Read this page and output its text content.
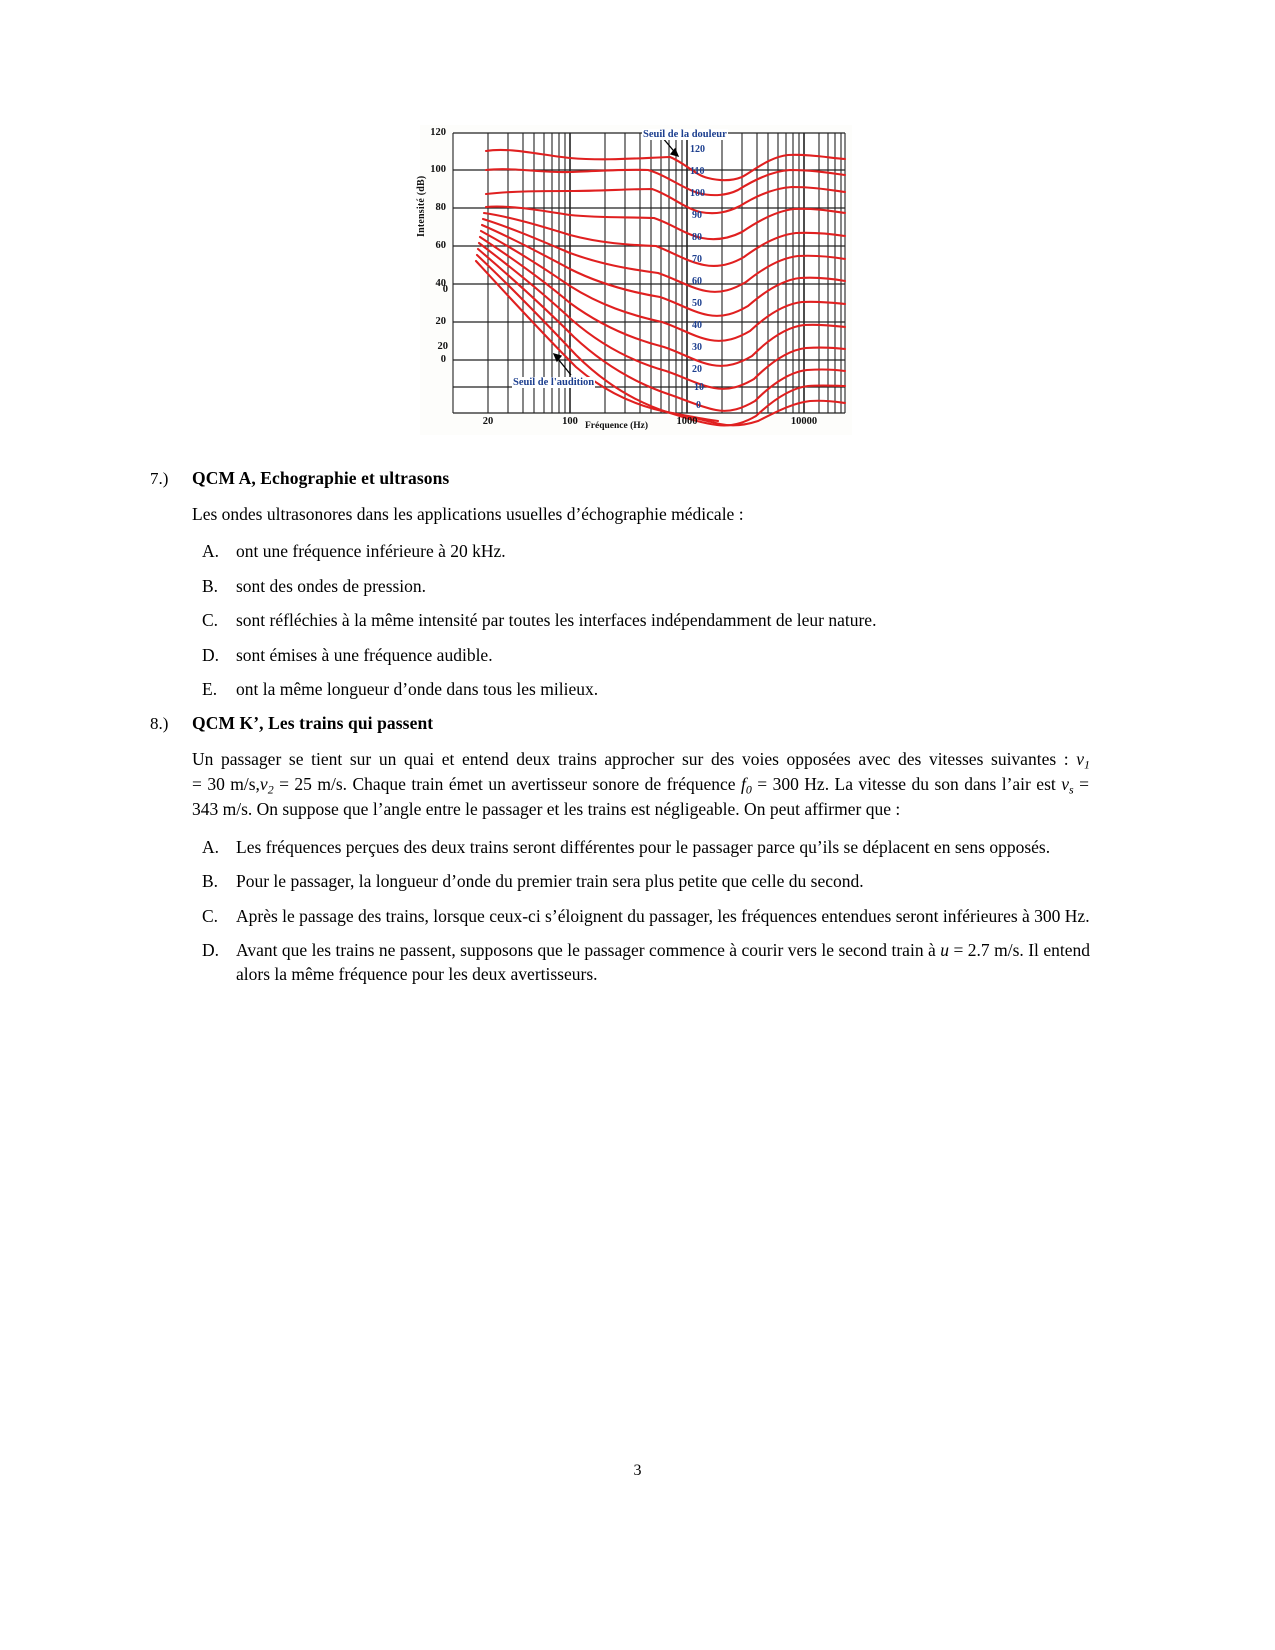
Intensité (dB)
0
20
120
100
80
60
40
20
0
20	100	1000	10000
Fréquence (Hz)
120
110
100
90
80
70
60
50
40
30
20
10
0
Seuil de la douleur
Seuil de l'audition
7.)	QCM A, Echographie et ultrasons
Les ondes ultrasonores dans les applications usuelles d’échographie médicale :
A. ont une fréquence inférieure à 20 kHz.
B.	sont des ondes de pression.
C.	sont réfléchies à la même intensité par toutes les interfaces indépendamment de leur nature.
D. sont émises à une fréquence audible.
E.	ont la même longueur d’onde dans tous les milieux.
8.)	QCM K’, Les trains qui passent
Un passager se tient sur un quai et entend deux trains approcher sur des voies opposées avec des vitesses suivantes : $v_1 = 30$ $m/s,v_2 = 25$ m/s. Chaque train émet un avertisseur sonore de fréquence $f_0 = 300$ Hz. La vitesse du son dans l’air est $v_s = 343$ m/s. On suppose que l’angle entre le passager et les trains est négligeable. On peut affirmer que :
A. Les fréquences perçues des deux trains seront différentes pour le passager parce qu’ils se déplacent en sens opposés.
B.	Pour le passager, la longueur d’onde du premier train sera plus petite que celle du second.
C.	Après le passage des trains, lorsque ceux-ci s’éloignent du passager, les fréquences entendues seront inférieures à 300 Hz.
D. Avant que les trains ne passent, supposons que le passager commence à courir vers le second train à u = 2.7 m/s. Il entend alors la même fréquence pour les deux avertisseurs.
3
